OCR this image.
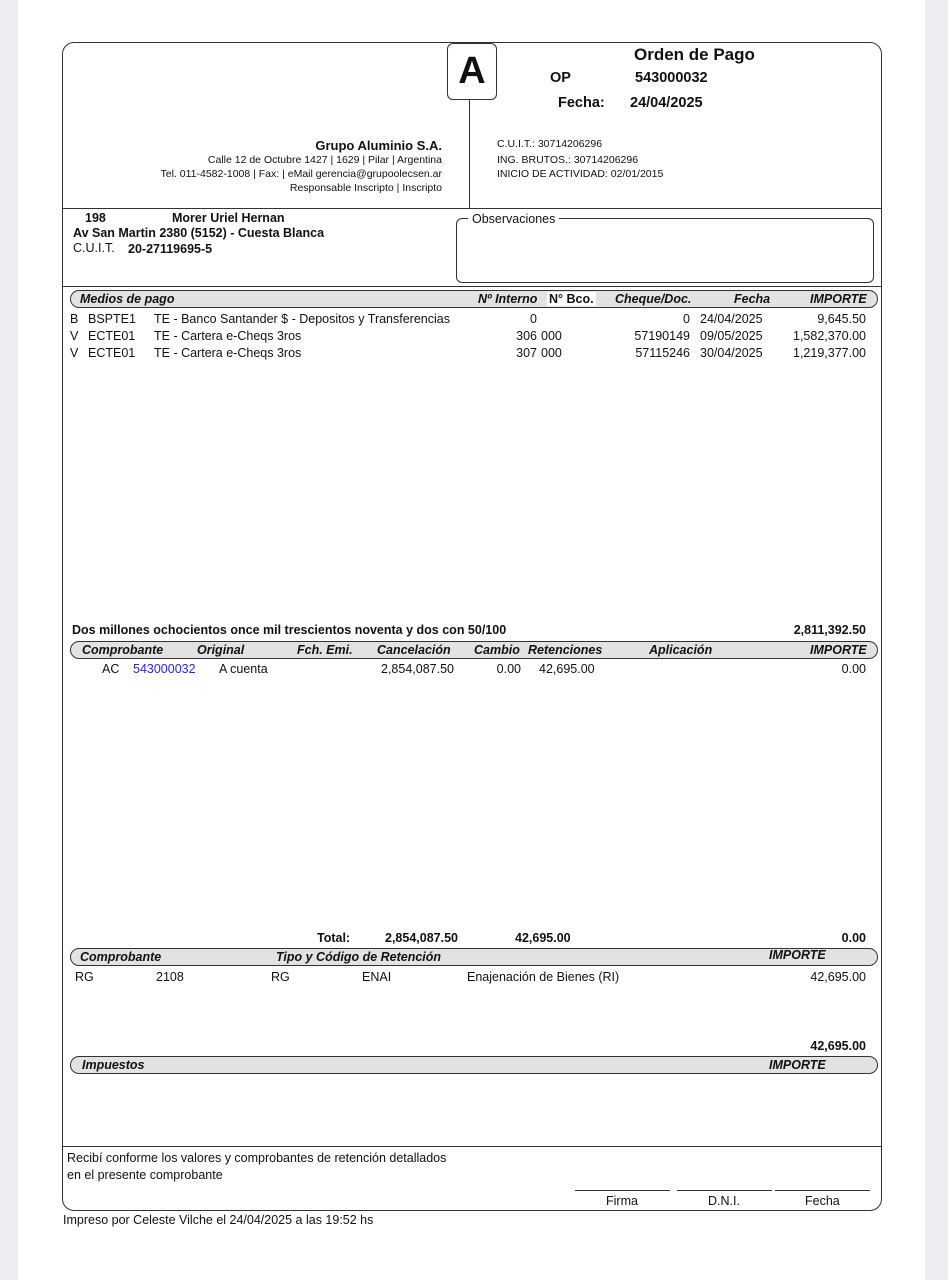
A	Orden de Pago
OP	543000032
Fecha: 24/04/2025
Grupo Aluminio S.A.
Calle 12 de Octubre 1427 | 1629 | Pilar | Argentina
Tel. 011-4582-1008 | Fax: | eMail gerencia@grupoolecsen.ar
Responsable Inscripto | Inscripto
C.U.I.T.: 30714206296
ING. BRUTOS.: 30714206296
INICIO DE ACTIVIDAD: 02/01/2015
198	Morer Uriel Hernan
Av San Martin 2380 (5152) - Cuesta Blanca
C.U.I.T. 20-27119695-5
Observaciones
Medios de pago	Nº Interno N° Bco. Cheque/Doc.	Fecha	IMPORTE
B BSPTE1 TE - Banco Santander $ - Depositos y Transferencias	0	0 24/04/2025	9,645.50
V ECTE01 TE - Cartera e-Cheqs 3ros	306 000	57190149 09/05/2025 1,582,370.00
V ECTE01 TE - Cartera e-Cheqs 3ros	307 000	57115246 30/04/2025 1,219,377.00
Dos millones ochocientos once mil trescientos noventa y dos con 50/100	2,811,392.50
Comprobante	Original	Fch. Emi. Cancelación Cambio Retenciones	Aplicación	IMPORTE
AC 543000032 A cuenta	2,854,087.50	0.00 42,695.00	0.00
Total:	2,854,087.50	42,695.00	0.00
Comprobante	Tipo y Código de Retención	IMPORTE
RG	2108	RG	ENAI	Enajenación de Bienes (RI)	42,695.00
42,695.00
Impuestos	IMPORTE
Recibí conforme los valores y comprobantes de retención detallados
en el presente comprobante
Firma	D.N.I.	Fecha
Impreso por Celeste Vilche el 24/04/2025 a las 19:52 hs
